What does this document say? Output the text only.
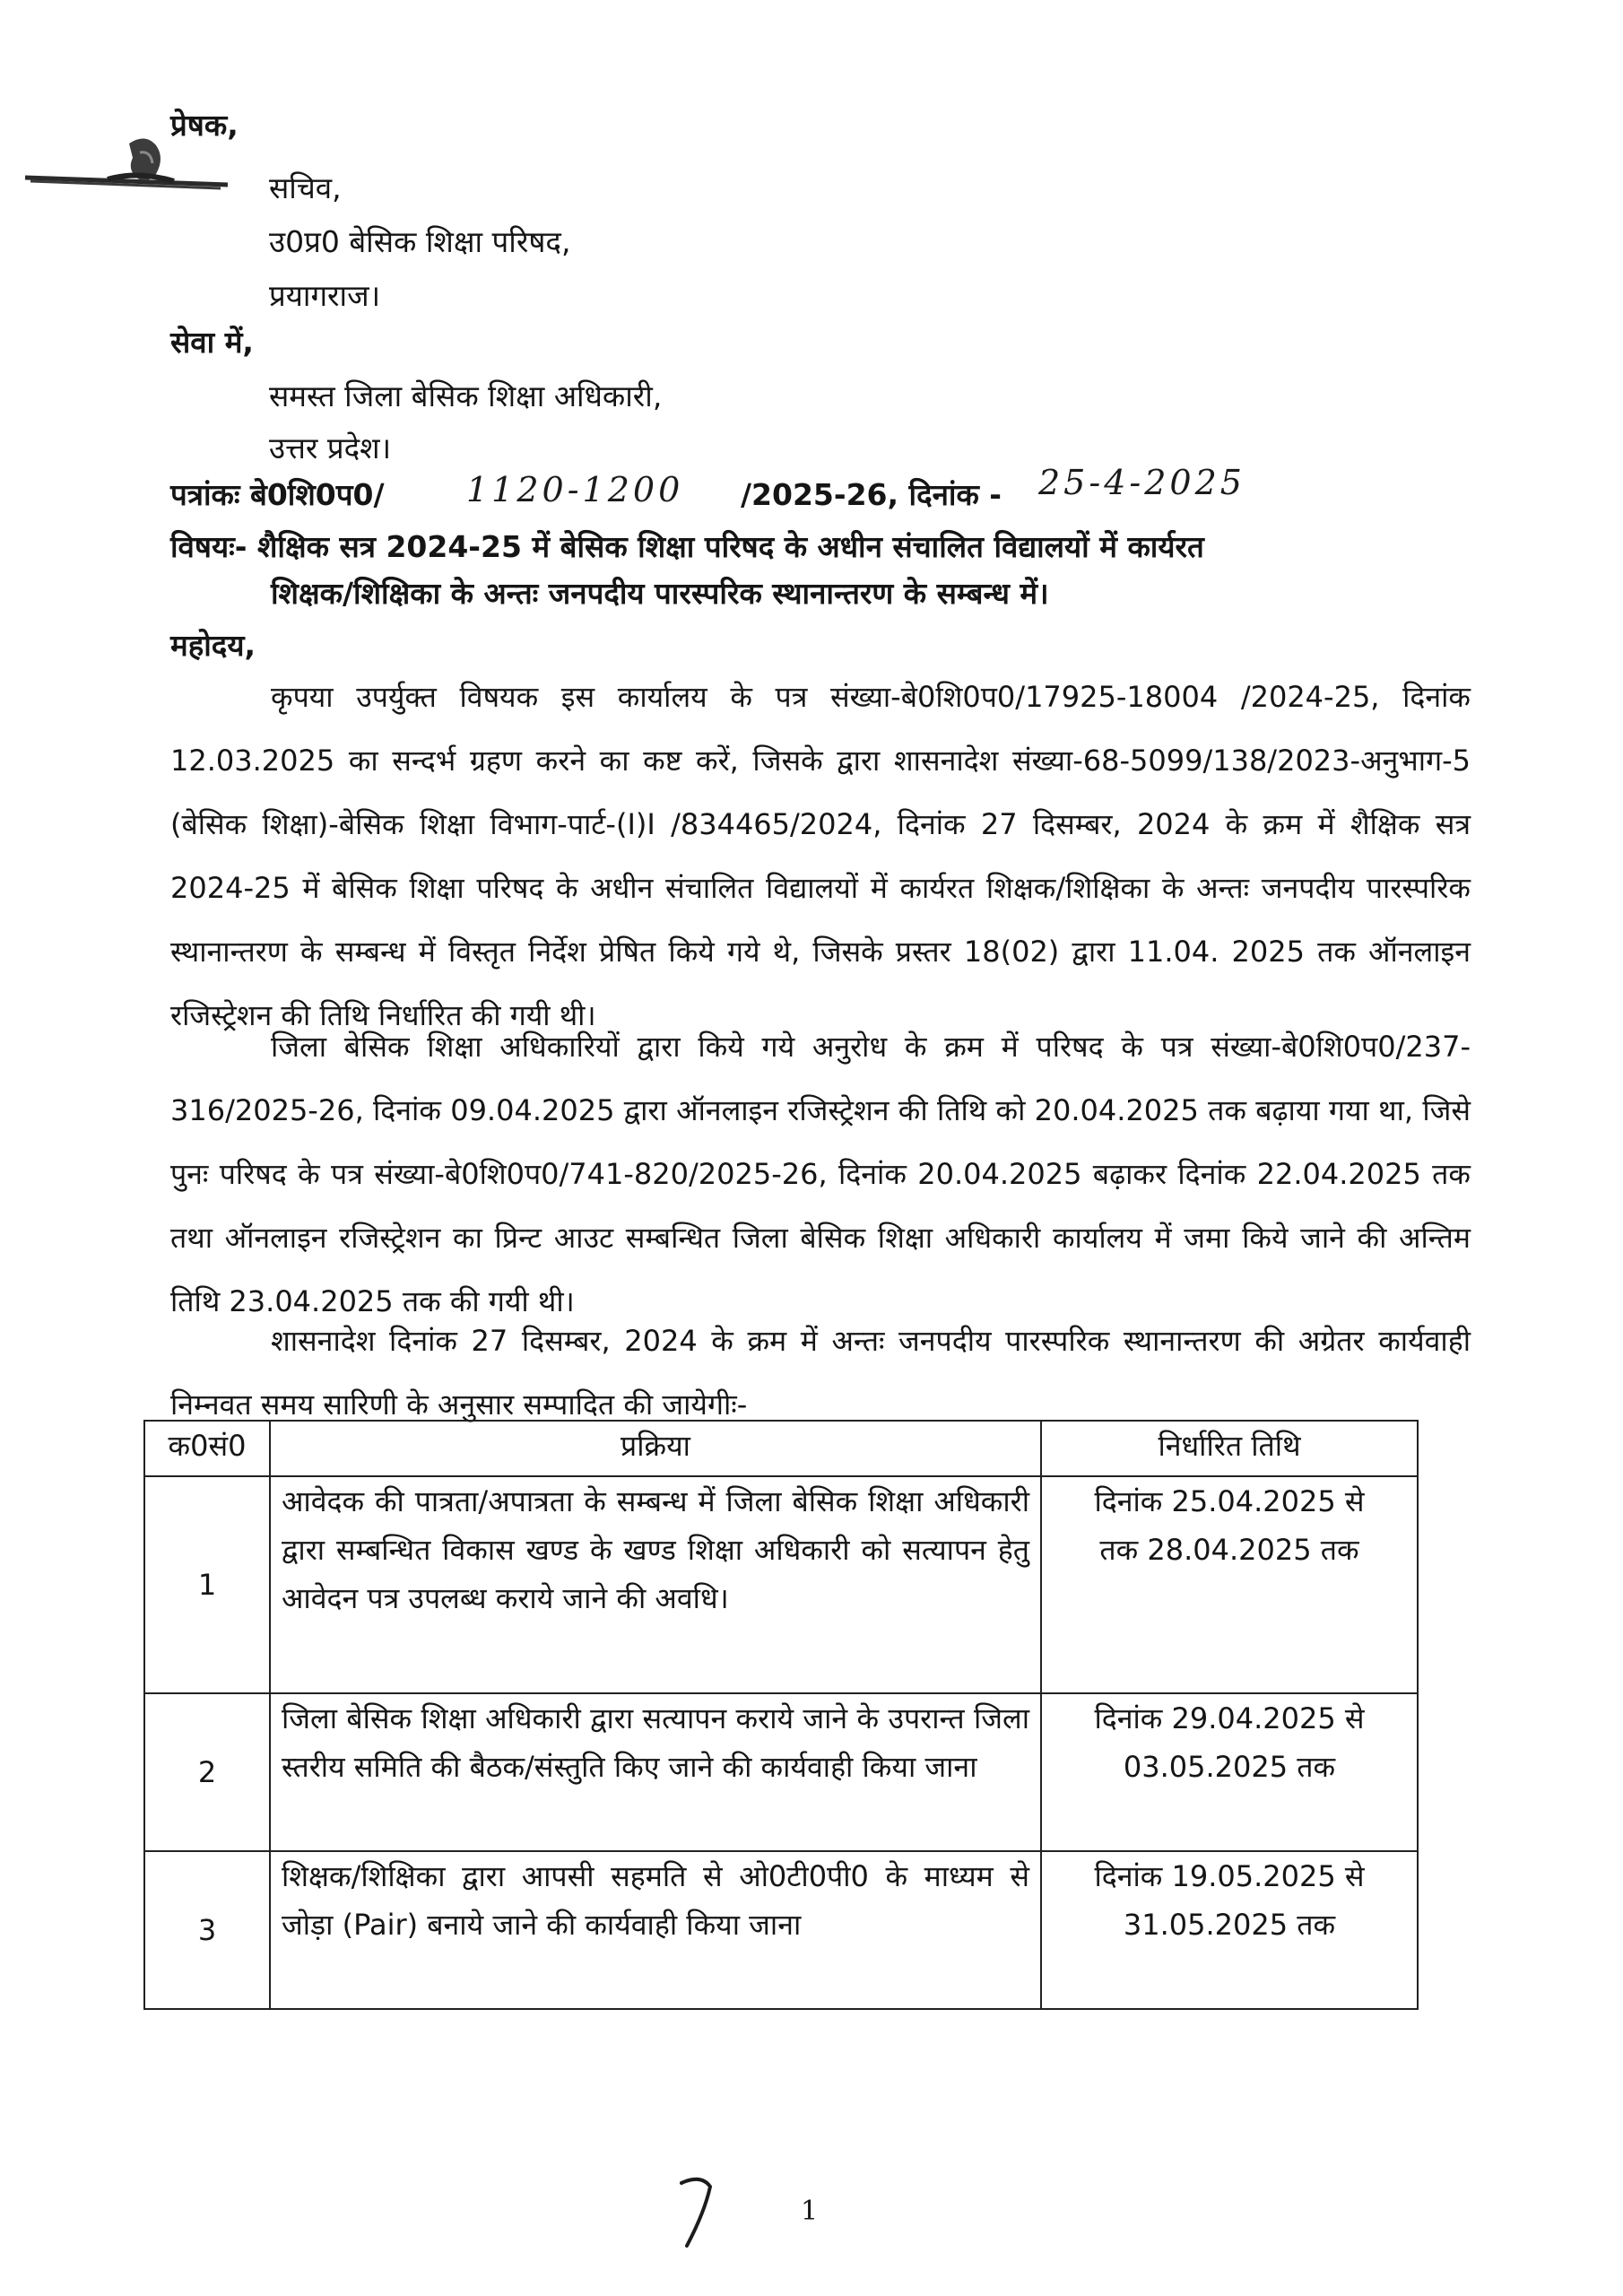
प्रेषक,
सचिव,
उ0प्र0 बेसिक शिक्षा परिषद,
प्रयागराज।
सेवा में,
समस्त जिला बेसिक शिक्षा अधिकारी,
उत्तर प्रदेश।
पत्रांकः बे0शि0प0/ 1120-1200 /2025-26, दिनांक - 25-4-2025
विषयः- शैक्षिक सत्र 2024-25 में बेसिक शिक्षा परिषद के अधीन संचालित विद्यालयों में कार्यरत
शिक्षक/शिक्षिका के अन्तः जनपदीय पारस्परिक स्थानान्तरण के सम्बन्ध में।
महोदय,
कृपया उपर्युक्त विषयक इस कार्यालय के पत्र संख्या-बे0शि0प0/17925-18004 /2024-25, दिनांक 12.03.2025 का सन्दर्भ ग्रहण करने का कष्ट करें, जिसके द्वारा शासनादेश संख्या-68-5099/138/2023-अनुभाग-5 (बेसिक शिक्षा)-बेसिक शिक्षा विभाग-पार्ट-(I)I /834465/2024, दिनांक 27 दिसम्बर, 2024 के क्रम में शैक्षिक सत्र 2024-25 में बेसिक शिक्षा परिषद के अधीन संचालित विद्यालयों में कार्यरत शिक्षक/शिक्षिका के अन्तः जनपदीय पारस्परिक स्थानान्तरण के सम्बन्ध में विस्तृत निर्देश प्रेषित किये गये थे, जिसके प्रस्तर 18(02) द्वारा 11.04. 2025 तक ऑनलाइन रजिस्ट्रेशन की तिथि निर्धारित की गयी थी।
जिला बेसिक शिक्षा अधिकारियों द्वारा किये गये अनुरोध के क्रम में परिषद के पत्र संख्या-बे0शि0प0/237-316/2025-26, दिनांक 09.04.2025 द्वारा ऑनलाइन रजिस्ट्रेशन की तिथि को 20.04.2025 तक बढ़ाया गया था, जिसे पुनः परिषद के पत्र संख्या-बे0शि0प0/741-820/2025-26, दिनांक 20.04.2025 बढ़ाकर दिनांक 22.04.2025 तक तथा ऑनलाइन रजिस्ट्रेशन का प्रिन्ट आउट सम्बन्धित जिला बेसिक शिक्षा अधिकारी कार्यालय में जमा किये जाने की अन्तिम तिथि 23.04.2025 तक की गयी थी।
शासनादेश दिनांक 27 दिसम्बर, 2024 के क्रम में अन्तः जनपदीय पारस्परिक स्थानान्तरण की अग्रेतर कार्यवाही निम्नवत समय सारिणी के अनुसार सम्पादित की जायेगीः-
क0सं0	प्रक्रिया	निर्धारित तिथि
1	आवेदक की पात्रता/अपात्रता के सम्बन्ध में जिला बेसिक शिक्षा अधिकारी द्वारा सम्बन्धित विकास खण्ड के खण्ड शिक्षा अधिकारी को सत्यापन हेतु आवेदन पत्र उपलब्ध कराये जाने की अवधि।	दिनांक 25.04.2025 से
तक 28.04.2025 तक

2	जिला बेसिक शिक्षा अधिकारी द्वारा सत्यापन कराये जाने के उपरान्त जिला स्तरीय समिति की बैठक/संस्तुति किए जाने की कार्यवाही किया जाना	दिनांक 29.04.2025 से
03.05.2025 तक

3	शिक्षक/शिक्षिका द्वारा आपसी सहमति से ओ0टी0पी0 के माध्यम से जोड़ा (Pair) बनाये जाने की कार्यवाही किया जाना	दिनांक 19.05.2025 से
31.05.2025 तक
1
